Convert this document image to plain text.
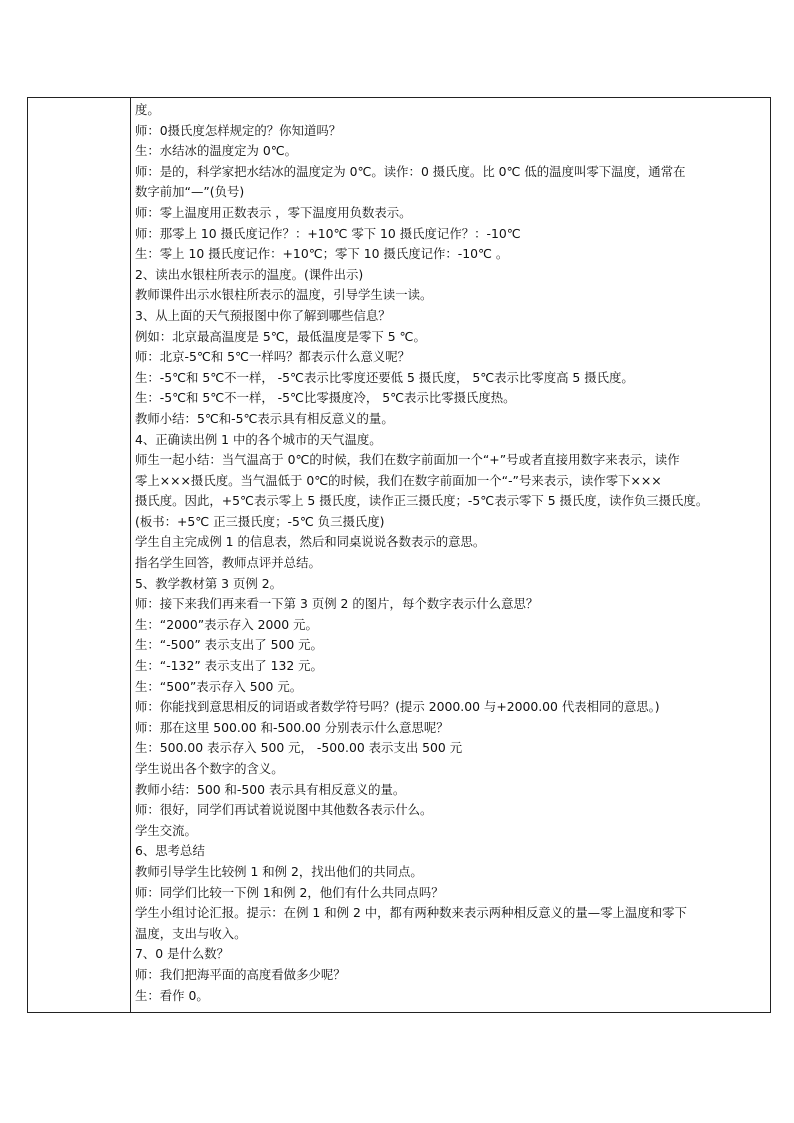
度。
师：0摄氏度怎样规定的？你知道吗？
生：水结冰的温度定为 0℃。
师：是的，科学家把水结冰的温度定为 0℃。读作：0 摄氏度。比 0℃ 低的温度叫零下温度，通常在
数字前加“—”(负号)
师：零上温度用正数表示 ，零下温度用负数表示。
师：那零上 10 摄氏度记作？：+10℃ 零下 10 摄氏度记作？：-10℃
生：零上 10 摄氏度记作：+10℃；零下 10 摄氏度记作：-10℃ 。
2、读出水银柱所表示的温度。(课件出示)
教师课件出示水银柱所表示的温度，引导学生读一读。
3、从上面的天气预报图中你了解到哪些信息？
例如：北京最高温度是 5℃，最低温度是零下 5 ℃。
师：北京-5℃和 5℃一样吗？都表示什么意义呢？
生：-5℃和 5℃不一样， -5℃表示比零度还要低 5 摄氏度， 5℃表示比零度高 5 摄氏度。
生：-5℃和 5℃不一样， -5℃比零摄度冷， 5℃表示比零摄氏度热。
教师小结：5℃和-5℃表示具有相反意义的量。
4、正确读出例 1 中的各个城市的天气温度。
师生一起小结：当气温高于 0℃的时候，我们在数字前面加一个“+”号或者直接用数字来表示，读作
零上×××摄氏度。当气温低于 0℃的时候，我们在数字前面加一个“-”号来表示，读作零下×××
摄氏度。因此，+5℃表示零上 5 摄氏度，读作正三摄氏度；-5℃表示零下 5 摄氏度，读作负三摄氏度。
(板书：+5℃ 正三摄氏度；-5℃ 负三摄氏度)
学生自主完成例 1 的信息表，然后和同桌说说各数表示的意思。
指名学生回答，教师点评并总结。
5、教学教材第 3 页例 2。
师：接下来我们再来看一下第 3 页例 2 的图片，每个数字表示什么意思？
生：“2000”表示存入 2000 元。
生：“-500” 表示支出了 500 元。
生：“-132” 表示支出了 132 元。
生：“500”表示存入 500 元。
师：你能找到意思相反的词语或者数学符号吗？(提示 2000.00 与+2000.00 代表相同的意思。)
师：那在这里 500.00 和-500.00 分别表示什么意思呢？
生：500.00 表示存入 500 元， -500.00 表示支出 500 元
学生说出各个数字的含义。
教师小结：500 和-500 表示具有相反意义的量。
师：很好，同学们再试着说说图中其他数各表示什么。
学生交流。
6、思考总结
教师引导学生比较例 1 和例 2，找出他们的共同点。
师：同学们比较一下例 1和例 2，他们有什么共同点吗？
学生小组讨论汇报。提示：在例 1 和例 2 中，都有两种数来表示两种相反意义的量—零上温度和零下
温度，支出与收入。
7、0 是什么数？
师：我们把海平面的高度看做多少呢？
生：看作 0。
